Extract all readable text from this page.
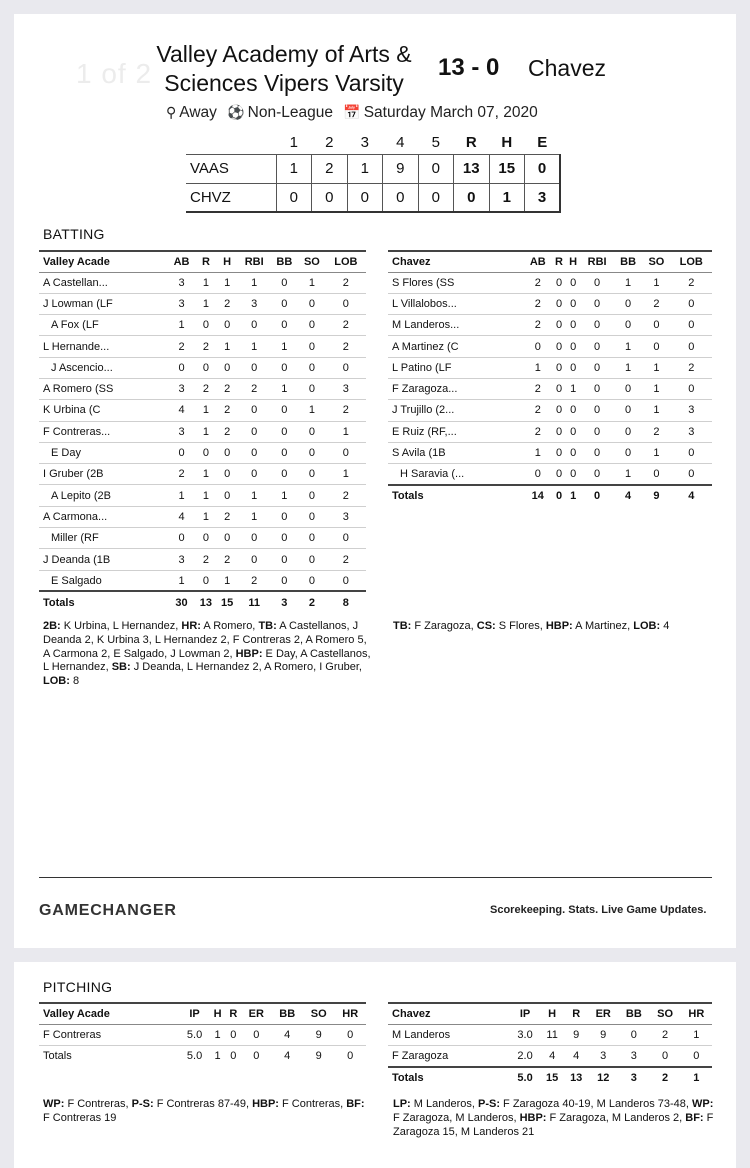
1 of 2
Valley Academy of Arts &
Sciences Vipers Varsity
13 - 0 Chavez
⚲ Away ⚽ Non-League 📅 Saturday March 07, 2020
	1	2	3	4	5	R	H	E
VAAS	1	2	1	9	0	13	15	0
CHVZ	0	0	0	0	0	0	1	3
BATTING
Valley Acade	AB	R	H	RBI	BB	SO	LOB
A Castellan...	3	1	1	1	0	1	2
J Lowman (LF	3	1	2	3	0	0	0
A Fox (LF	1	0	0	0	0	0	2
L Hernande...	2	2	1	1	1	0	2
J Ascencio...	0	0	0	0	0	0	0
A Romero (SS	3	2	2	2	1	0	3
K Urbina (C	4	1	2	0	0	1	2
F Contreras...	3	1	2	0	0	0	1
E Day	0	0	0	0	0	0	0
I Gruber (2B	2	1	0	0	0	0	1
A Lepito (2B	1	1	0	1	1	0	2
A Carmona...	4	1	2	1	0	0	3
Miller (RF	0	0	0	0	0	0	0
J Deanda (1B	3	2	2	0	0	0	2
E Salgado	1	0	1	2	0	0	0
Totals	30	13	15	11	3	2	8
Chavez	AB	R	H	RBI	BB	SO	LOB
S Flores (SS	2	0	0	0	1	1	2
L Villalobos...	2	0	0	0	0	2	0
M Landeros...	2	0	0	0	0	0	0
A Martinez (C	0	0	0	0	1	0	0
L Patino (LF	1	0	0	0	1	1	2
F Zaragoza...	2	0	1	0	0	1	0
J Trujillo (2...	2	0	0	0	0	1	3
E Ruiz (RF,...	2	0	0	0	0	2	3
S Avila (1B	1	0	0	0	0	1	0
H Saravia (...	0	0	0	0	1	0	0
Totals	14	0	1	0	4	9	4
2B: K Urbina, L Hernandez, HR: A Romero, TB: A Castellanos, J Deanda 2, K Urbina 3, L Hernandez 2, F Contreras 2, A Romero 5, A Carmona 2, E Salgado, J Lowman 2, HBP: E Day, A Castellanos, L Hernandez, SB: J Deanda, L Hernandez 2, A Romero, I Gruber, LOB: 8
TB: F Zaragoza, CS: S Flores, HBP: A Martinez, LOB: 4
GAMECHANGER	Scorekeeping. Stats. Live Game Updates.
PITCHING
Valley Acade	IP	H	R	ER	BB	SO	HR
F Contreras	5.0	1	0	0	4	9	0
Totals	5.0	1	0	0	4	9	0
Chavez	IP	H	R	ER	BB	SO	HR
M Landeros	3.0	11	9	9	0	2	1
F Zaragoza	2.0	4	4	3	3	0	0
Totals	5.0	15	13	12	3	2	1
WP: F Contreras, P-S: F Contreras 87-49, HBP: F Contreras, BF: F Contreras 19
LP: M Landeros, P-S: F Zaragoza 40-19, M Landeros 73-48, WP: F Zaragoza, M Landeros, HBP: F Zaragoza, M Landeros 2, BF: F Zaragoza 15, M Landeros 21
